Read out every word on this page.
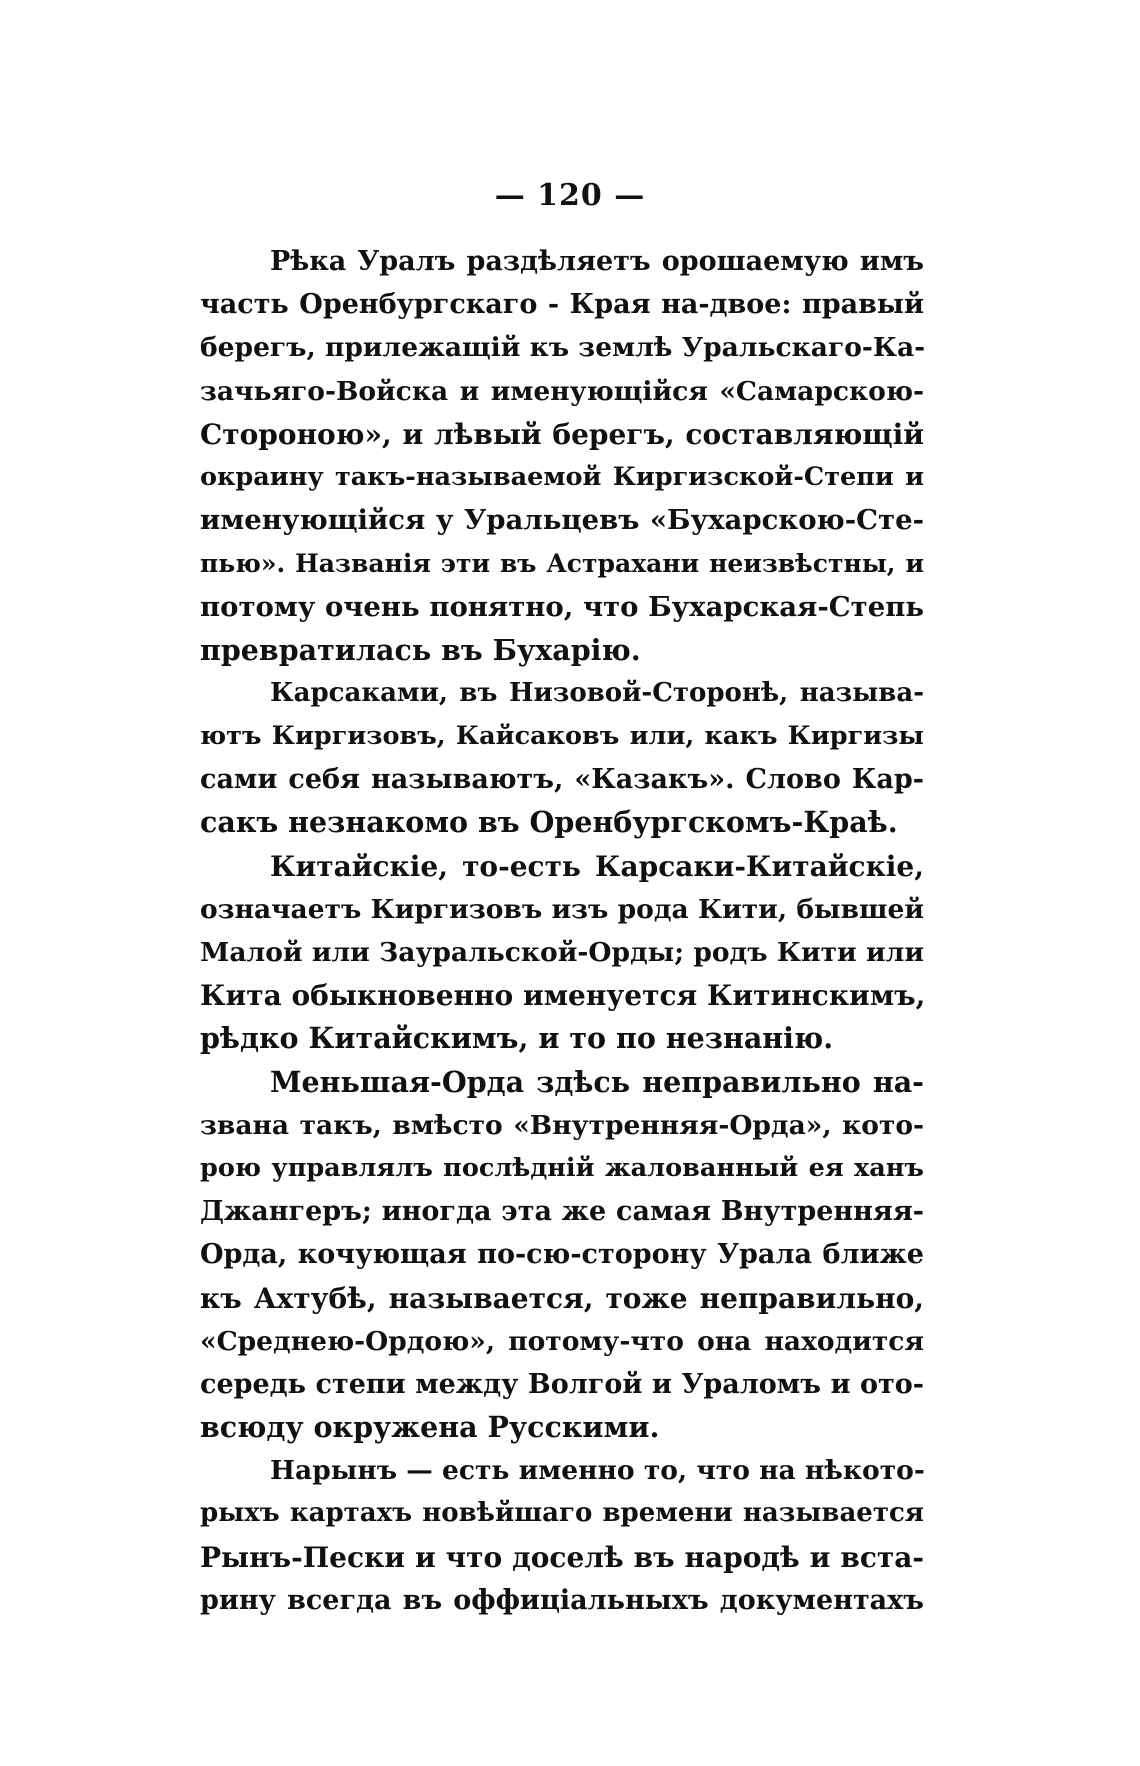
— 120 —
Рѣка Уралъ раздѣляетъ орошаемую имъ
часть Оренбургскаго - Края на-двое: правый
берегъ, прилежащій къ землѣ Уральскаго-Ка-
зачьяго-Войска и именующійся «Самарскою-
Стороною», и лѣвый берегъ, составляющій
окраину такъ-называемой Киргизской-Степи и
именующійся у Уральцевъ «Бухарскою-Сте-
пью». Названія эти въ Астрахани неизвѣстны, и
потому очень понятно, что Бухарская-Степь
превратилась въ Бухарію.
Карсаками, въ Низовой-Сторонѣ, называ-
ютъ Киргизовъ, Кайсаковъ или, какъ Киргизы
сами себя называютъ, «Казакъ». Слово Кар-
сакъ незнакомо въ Оренбургскомъ-Краѣ.
Китайскіе, то-есть Карсаки-Китайскіе,
означаетъ Киргизовъ изъ рода Кити, бывшей
Малой или Зауральской-Орды; родъ Кити или
Кита обыкновенно именуется Китинскимъ,
рѣдко Китайскимъ, и то по незнанію.
Меньшая-Орда здѣсь неправильно на-
звана такъ, вмѣсто «Внутренняя-Орда», кото-
рою управлялъ послѣдній жалованный ея ханъ
Джангеръ; иногда эта же самая Внутренняя-
Орда, кочующая по-сю-сторону Урала ближе
къ Ахтубѣ, называется, тоже неправильно,
«Среднею-Ордою», потому-что она находится
середь степи между Волгой и Ураломъ и ото-
всюду окружена Русскими.
Нарынъ — есть именно то, что на нѣкото-
рыхъ картахъ новѣйшаго времени называется
Рынъ-Пески и что доселѣ въ народѣ и вста-
рину всегда въ оффиціальныхъ документахъ
